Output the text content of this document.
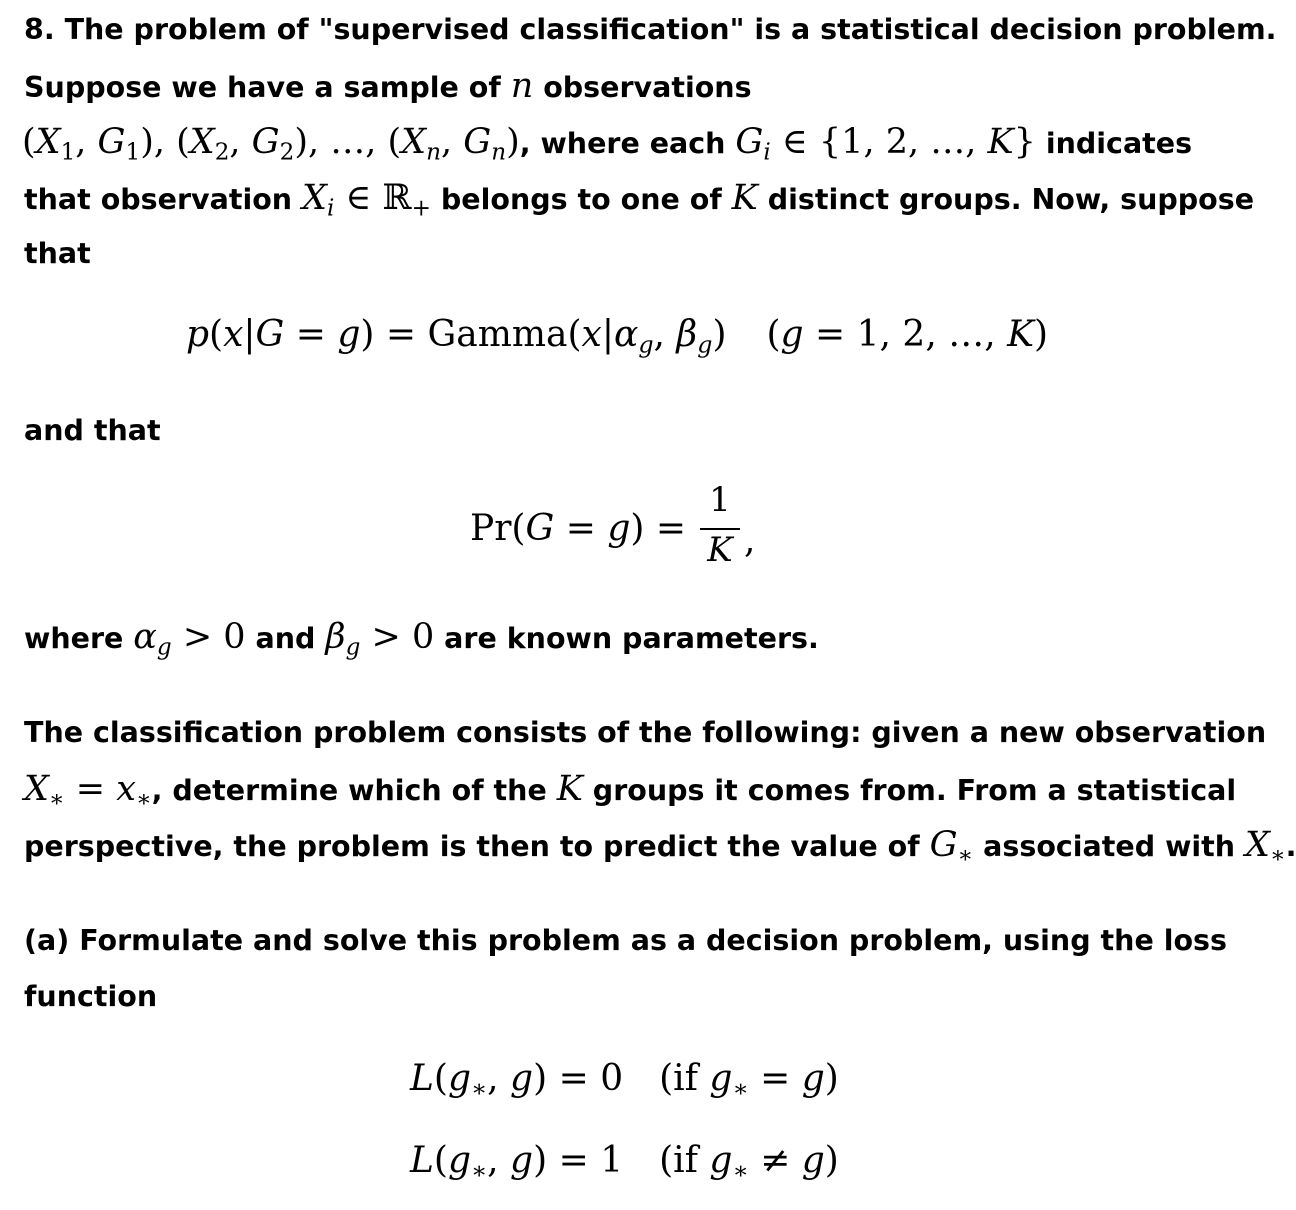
8. The problem of "supervised classification" is a statistical decision problem.
Suppose we have a sample of n observations
($X_1$, $G_1$), ($X_2$, $G_2$), …, ($X_n$, $G_n$), where each $G_i$ ∈ {1, 2, …, K} indicates
that observation $X_i$ ∈ ℝ$_+$ belongs to one of K distinct groups. Now, suppose
that
$p(x|G = g) = Gamma(x|\alpha_g$, $\beta_g$) (g = 1, 2, …, K)
and that
Pr(G = g) =
1
K ,
where $\alpha_g > 0$ and $\beta_g > 0$ are known parameters.
The classification problem consists of the following: given a new observation
$X_∗ = x_∗$, determine which of the K groups it comes from. From a statistical
perspective, the problem is then to predict the value of $G_∗$ associated with $X_∗$.
(a) Formulate and solve this problem as a decision problem, using the loss
function
$L(g_∗$, g) = 0 (if $g_∗ = g$)
$L(g_∗$, g) = 1 (if $g_∗ \ne g$)
